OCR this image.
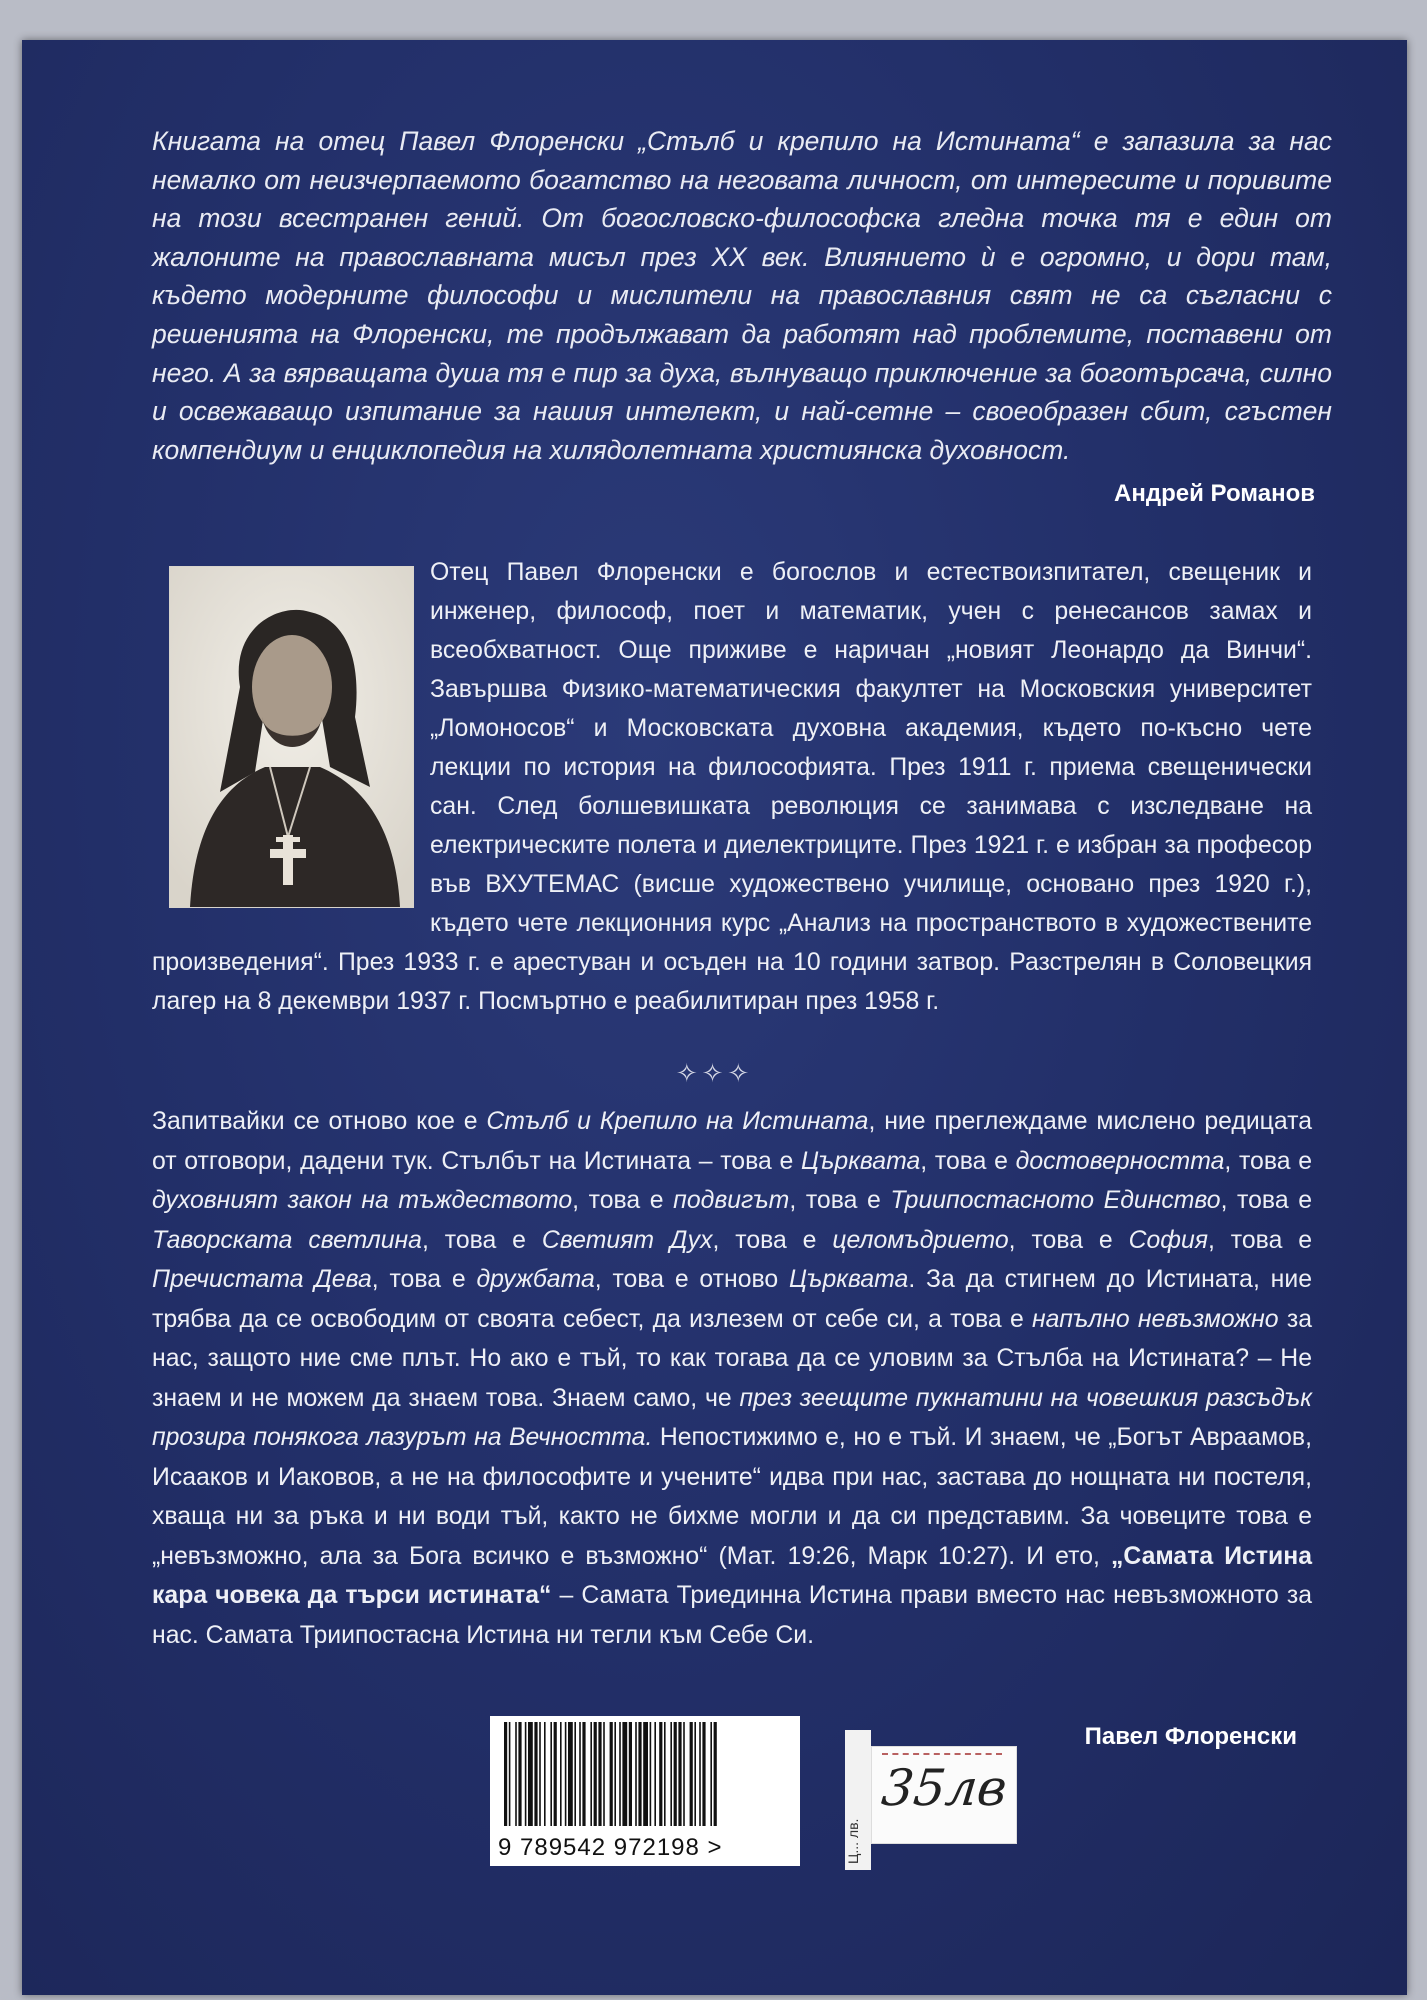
Книгата на отец Павел Флоренски „Стълб и крепило на Истината“ е запазила за нас немалко от неизчерпаемото богатство на неговата личност, от интересите и поривите на този всестранен гений. От богословско-философска гледна точка тя е един от жалоните на православната мисъл през XX век. Влиянието ѝ е огромно, и дори там, където модерните философи и мислители на православния свят не са съгласни с решенията на Флоренски, те продължават да работят над проблемите, поставени от него. А за вярващата душа тя е пир за духа, вълнуващо приключение за боготърсача, силно и освежаващо изпитание за нашия интелект, и най-сетне – своеобразен сбит, сгъстен компендиум и енциклопедия на хилядолетната християнска духовност.

Андрей Романов

Отец Павел Флоренски е богослов и естествоизпитател, свещеник и инженер, философ, поет и математик, учен с ренесансов замах и всеобхватност. Още приживе е наричан „новият Леонардо да Винчи“. Завършва Физико-математическия факултет на Московския университет „Ломоносов“ и Московската духовна академия, където по-късно чете лекции по история на философията. През 1911 г. приема свещенически сан. След болшевишката революция се занимава с изследване на електрическите полета и диелектриците. През 1921 г. е избран за професор във ВХУТЕМАС (висше художествено училище, основано през 1920 г.), където чете лекционния курс „Анализ на пространството в художествените произведения“. През 1933 г. е арестуван и осъден на 10 години затвор. Разстрелян в Соловецкия лагер на 8 декември 1937 г. Посмъртно е реабилитиран през 1958 г.

✧✧✧

Запитвайки се отново кое е Стълб и Крепило на Истината, ние преглеждаме мислено редицата от отговори, дадени тук. Стълбът на Истината – това е Църквата, това е достоверността, това е духовният закон на тъждеството, това е подвигът, това е Триипостасното Единство, това е Таворската светлина, това е Светият Дух, това е целомъдрието, това е София, това е Пречистата Дева, това е дружбата, това е отново Църквата. За да стигнем до Истината, ние трябва да се освободим от своята себест, да излезем от себе си, а това е напълно невъзможно за нас, защото ние сме плът. Но ако е тъй, то как тогава да се уловим за Стълба на Истината? – Не знаем и не можем да знаем това. Знаем само, че през зеещите пукнатини на човешкия разсъдък прозира понякога лазурът на Вечността. Непостижимо е, но е тъй. И знаем, че „Богът Авраамов, Исааков и Иаковов, а не на философите и учените“ идва при нас, застава до нощната ни постеля, хваща ни за ръка и ни води тъй, както не бихме могли и да си представим. За човеците това е „невъзможно, ала за Бога всичко е възможно“ (Мат. 19:26, Марк 10:27). И ето, „Самата Истина кара човека да търси истината“ – Самата Триединна Истина прави вместо нас невъзможното за нас. Самата Триипостасна Истина ни тегли към Себе Си.

Павел Флоренски

9 789542 972198 >	Ц... лв.

35лв
